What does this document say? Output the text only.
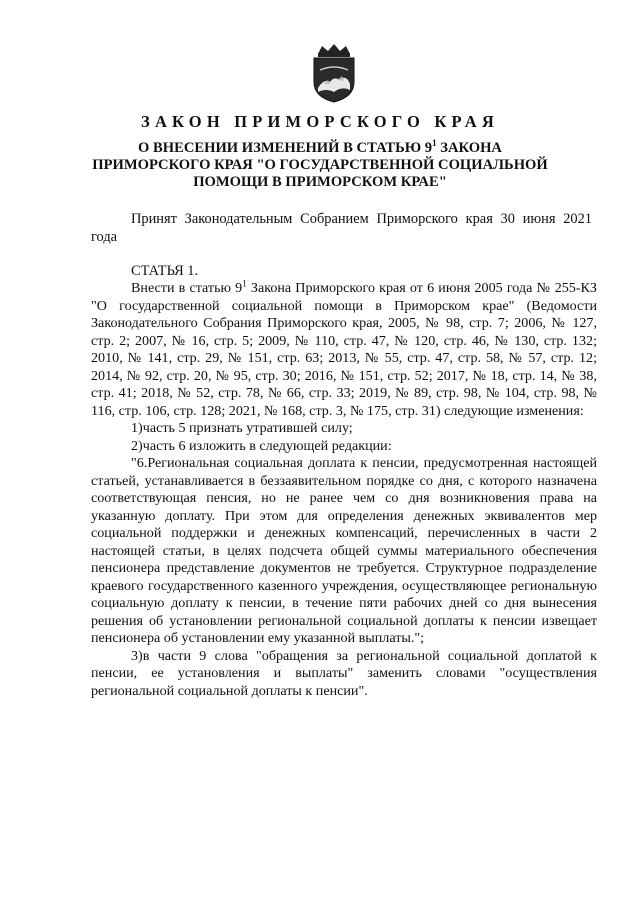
ЗАКОН ПРИМОРСКОГО КРАЯ
О ВНЕСЕНИИ ИЗМЕНЕНИЙ В СТАТЬЮ $9^1$ ЗАКОНА
ПРИМОРСКОГО КРАЯ "О ГОСУДАРСТВЕННОЙ СОЦИАЛЬНОЙ
ПОМОЩИ В ПРИМОРСКОМ КРАЕ"
Принят Законодательным Собранием Приморского края 30 июня 2021 года
СТАТЬЯ 1.

Внести в статью $9^1$ Закона Приморского края от 6 июня 2005 года № 255-КЗ "О государственной социальной помощи в Приморском крае" (Ведомости Законодательного Собрания Приморского края, 2005, № 98, стр. 7; 2006, № 127, стр. 2; 2007, № 16, стр. 5; 2009, № 110, стр. 47, № 120, стр. 46, № 130, стр. 132; 2010, № 141, стр. 29, № 151, стр. 63; 2013, № 55, стр. 47, стр. 58, № 57, стр. 12; 2014, № 92, стр. 20, № 95, стр. 30; 2016, № 151, стр. 52; 2017, № 18, стр. 14, № 38, стр. 41; 2018, № 52, стр. 78, № 66, стр. 33; 2019, № 89, стр. 98, № 104, стр. 98, № 116, стр. 106, стр. 128; 2021, № 168, стр. 3, № 175, стр. 31) следующие изменения:

1)часть 5 признать утратившей силу;

2)часть 6 изложить в следующей редакции:

"6.Региональная социальная доплата к пенсии, предусмотренная настоящей статьей, устанавливается в беззаявительном порядке со дня, с которого назначена соответствующая пенсия, но не ранее чем со дня возникновения права на указанную доплату. При этом для определения денежных эквивалентов мер социальной поддержки и денежных компенсаций, перечисленных в части 2 настоящей статьи, в целях подсчета общей суммы материального обеспечения пенсионера представление документов не требуется. Структурное подразделение краевого государственного казенного учреждения, осуществляющее региональную социальную доплату к пенсии, в течение пяти рабочих дней со дня вынесения решения об установлении региональной социальной доплаты к пенсии извещает пенсионера об установлении ему указанной выплаты.";

3)в части 9 слова "обращения за региональной социальной доплатой к пенсии, ее установления и выплаты" заменить словами "осуществления региональной социальной доплаты к пенсии".
